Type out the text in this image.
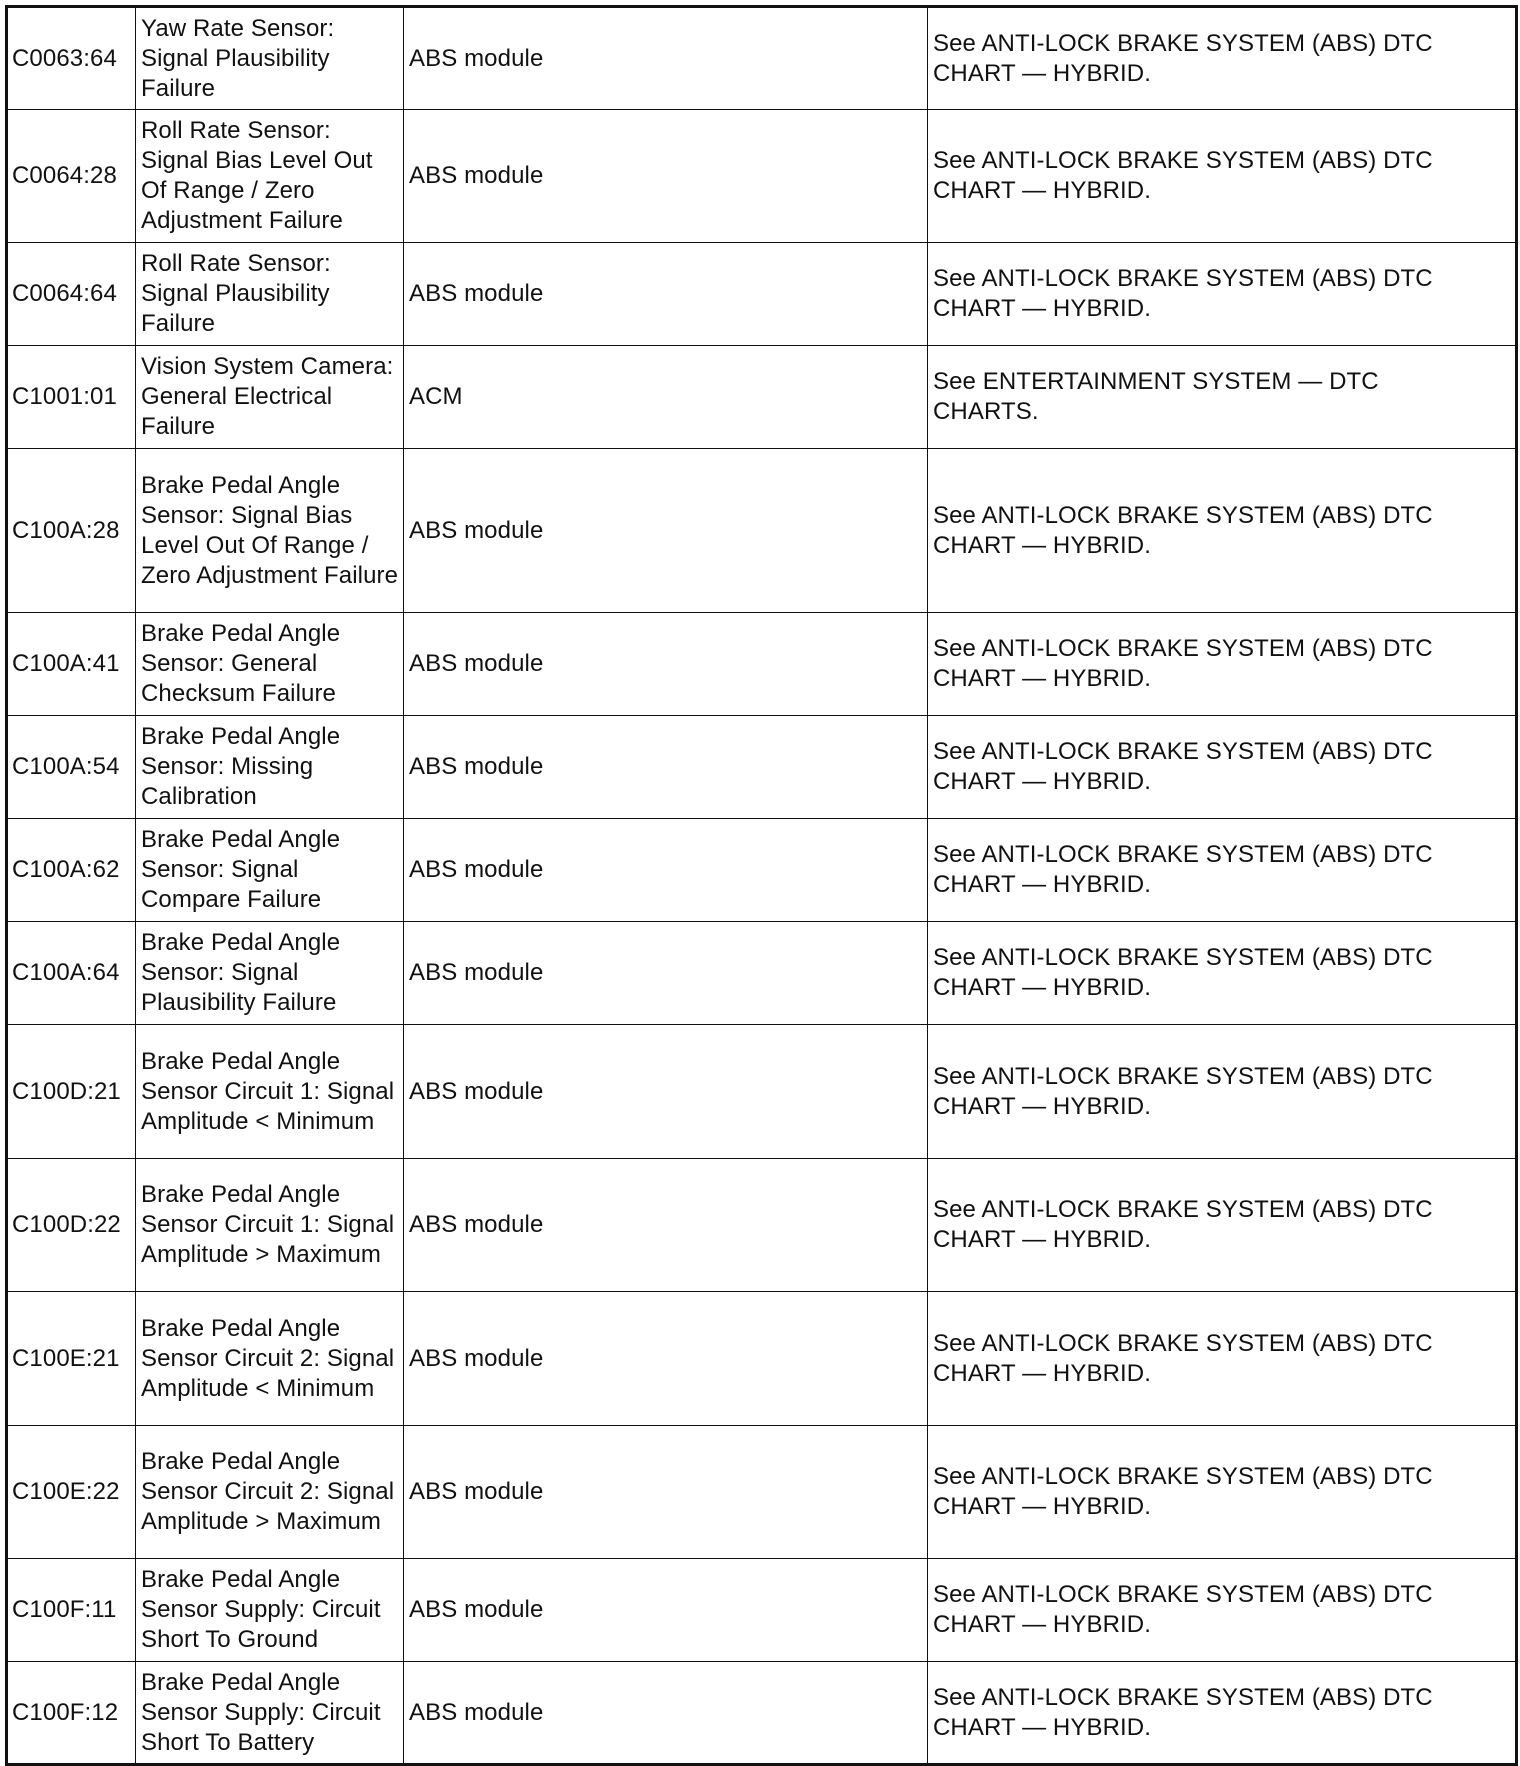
C0063:64	Yaw Rate Sensor: Signal Plausibility Failure	ABS module	See ANTI-LOCK BRAKE SYSTEM (ABS) DTC CHART — HYBRID.
C0064:28	Roll Rate Sensor: Signal Bias Level Out Of Range / Zero Adjustment Failure	ABS module	See ANTI-LOCK BRAKE SYSTEM (ABS) DTC CHART — HYBRID.
C0064:64	Roll Rate Sensor: Signal Plausibility Failure	ABS module	See ANTI-LOCK BRAKE SYSTEM (ABS) DTC CHART — HYBRID.
C1001:01	Vision System Camera: General Electrical Failure	ACM	See ENTERTAINMENT SYSTEM — DTC CHARTS.
C100A:28	Brake Pedal Angle Sensor: Signal Bias Level Out Of Range / Zero Adjustment Failure	ABS module	See ANTI-LOCK BRAKE SYSTEM (ABS) DTC CHART — HYBRID.
C100A:41	Brake Pedal Angle Sensor: General Checksum Failure	ABS module	See ANTI-LOCK BRAKE SYSTEM (ABS) DTC CHART — HYBRID.
C100A:54	Brake Pedal Angle Sensor: Missing Calibration	ABS module	See ANTI-LOCK BRAKE SYSTEM (ABS) DTC CHART — HYBRID.
C100A:62	Brake Pedal Angle Sensor: Signal Compare Failure	ABS module	See ANTI-LOCK BRAKE SYSTEM (ABS) DTC CHART — HYBRID.
C100A:64	Brake Pedal Angle Sensor: Signal Plausibility Failure	ABS module	See ANTI-LOCK BRAKE SYSTEM (ABS) DTC CHART — HYBRID.
C100D:21	Brake Pedal Angle Sensor Circuit 1: Signal Amplitude < Minimum	ABS module	See ANTI-LOCK BRAKE SYSTEM (ABS) DTC CHART — HYBRID.
C100D:22	Brake Pedal Angle Sensor Circuit 1: Signal Amplitude > Maximum	ABS module	See ANTI-LOCK BRAKE SYSTEM (ABS) DTC CHART — HYBRID.
C100E:21	Brake Pedal Angle Sensor Circuit 2: Signal Amplitude < Minimum	ABS module	See ANTI-LOCK BRAKE SYSTEM (ABS) DTC CHART — HYBRID.
C100E:22	Brake Pedal Angle Sensor Circuit 2: Signal Amplitude > Maximum	ABS module	See ANTI-LOCK BRAKE SYSTEM (ABS) DTC CHART — HYBRID.
C100F:11	Brake Pedal Angle Sensor Supply: Circuit Short To Ground	ABS module	See ANTI-LOCK BRAKE SYSTEM (ABS) DTC CHART — HYBRID.
C100F:12	Brake Pedal Angle Sensor Supply: Circuit Short To Battery	ABS module	See ANTI-LOCK BRAKE SYSTEM (ABS) DTC CHART — HYBRID.
